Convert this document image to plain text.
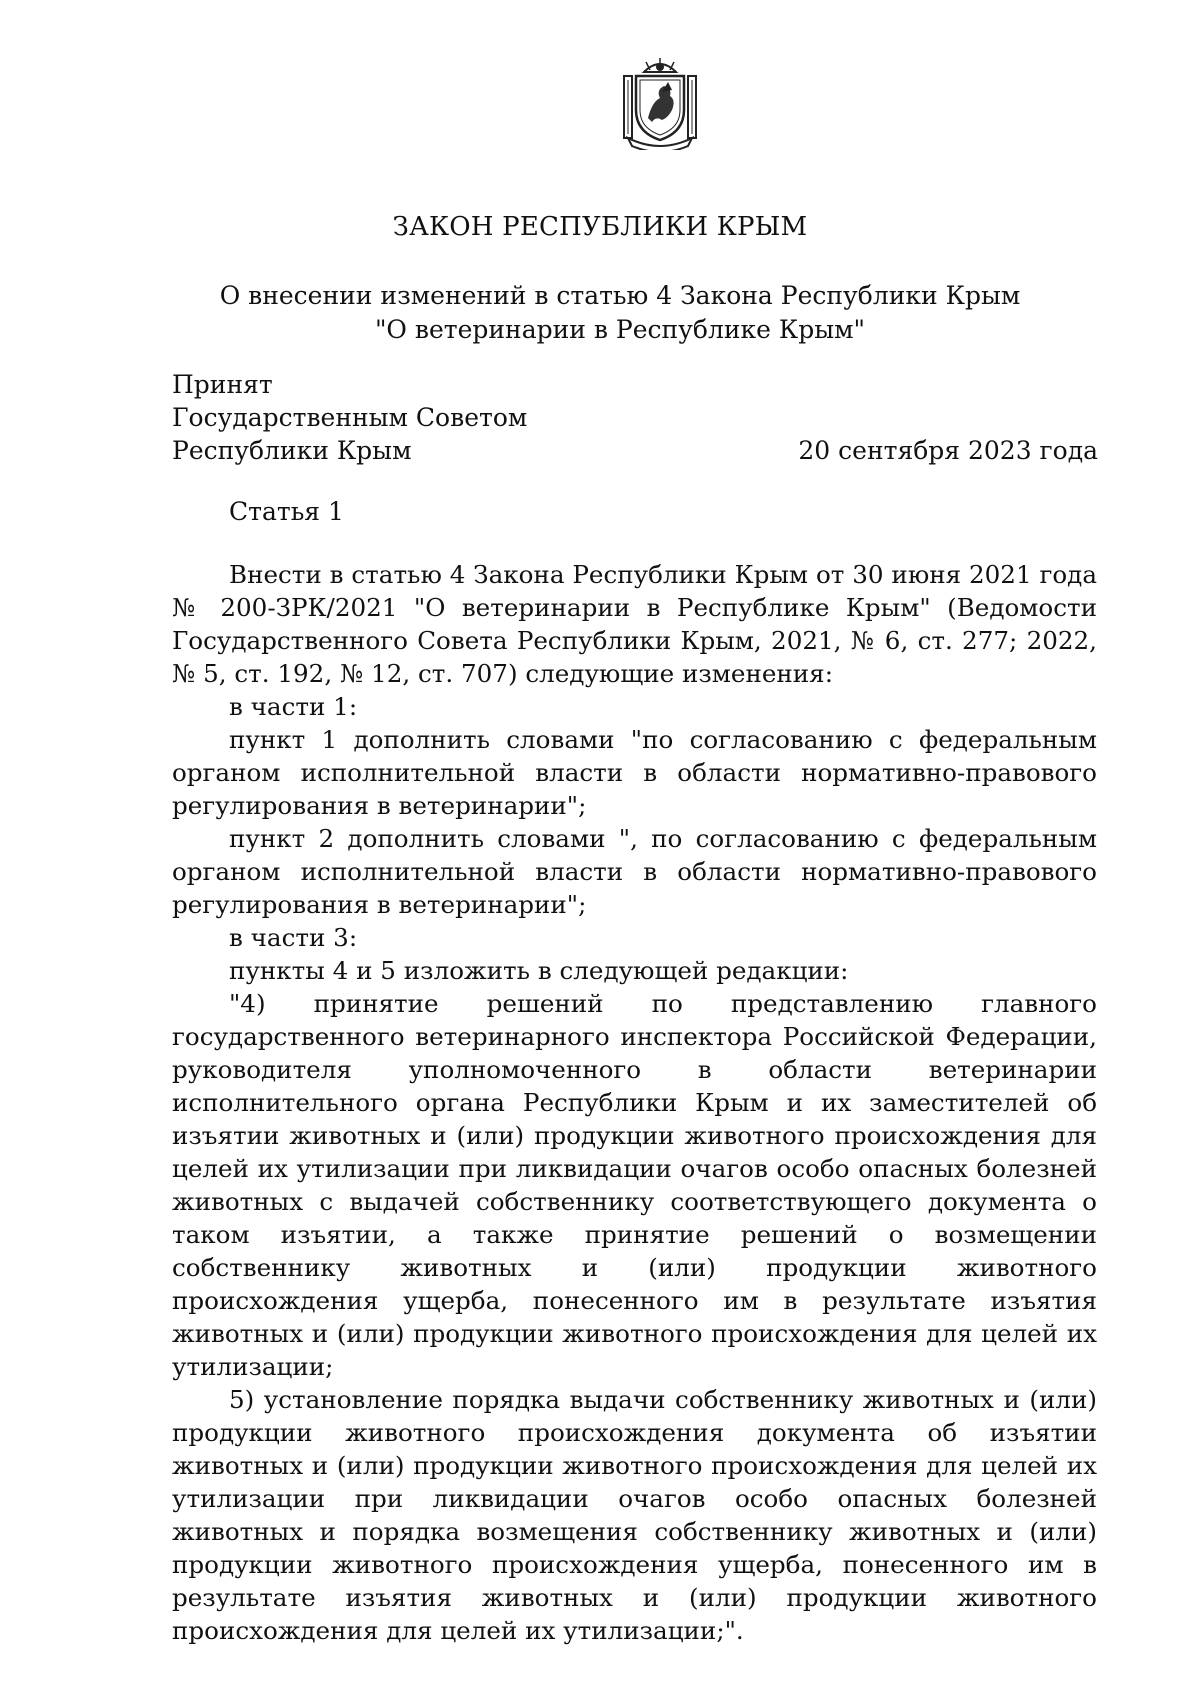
ЗАКОН РЕСПУБЛИКИ КРЫМ
О внесении изменений в статью 4 Закона Республики Крым
"О ветеринарии в Республике Крым"
Принят
Государственным Советом
Республики Крым	20 сентября 2023 года
Статья 1

Внести в статью 4 Закона Республики Крым от 30 июня 2021 года № 200-ЗРК/2021 "О ветеринарии в Республике Крым" (Ведомости Государственного Совета Республики Крым, 2021, № 6, ст. 277; 2022, № 5, ст. 192, № 12, ст. 707) следующие изменения:

в части 1:

пункт 1 дополнить словами "по согласованию с федеральным органом исполнительной власти в области нормативно-правового регулирования в ветеринарии";

пункт 2 дополнить словами ", по согласованию с федеральным органом исполнительной власти в области нормативно-правового регулирования в ветеринарии";

в части 3:

пункты 4 и 5 изложить в следующей редакции:

"4) принятие решений по представлению главного государственного ветеринарного инспектора Российской Федерации, руководителя уполномоченного в области ветеринарии исполнительного органа Республики Крым и их заместителей об изъятии животных и (или) продукции животного происхождения для целей их утилизации при ликвидации очагов особо опасных болезней животных с выдачей собственнику соответствующего документа о таком изъятии, а также принятие решений о возмещении собственнику животных и (или) продукции животного происхождения ущерба, понесенного им в результате изъятия животных и (или) продукции животного происхождения для целей их утилизации;

5) установление порядка выдачи собственнику животных и (или) продукции животного происхождения документа об изъятии животных и (или) продукции животного происхождения для целей их утилизации при ликвидации очагов особо опасных болезней животных и порядка возмещения собственнику животных и (или) продукции животного происхождения ущерба, понесенного им в результате изъятия животных и (или) продукции животного происхождения для целей их утилизации;".
